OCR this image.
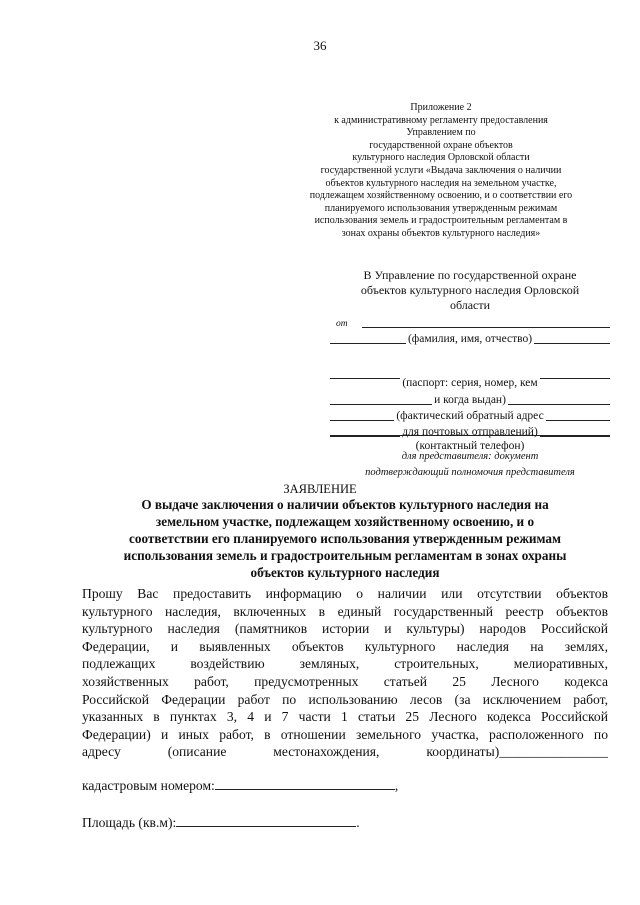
36
Приложение 2
к административному регламенту предоставления
Управлением по
государственной охране объектов
культурного наследия Орловской области
государственной услуги «Выдача заключения о наличии
объектов культурного наследия на земельном участке,
подлежащем хозяйственному освоению, и о соответствии его
планируемого использования утвержденным режимам
использования земель и градостроительным регламентам в
зонах охраны объектов культурного наследия»
В Управление по государственной охране
объектов культурного наследия Орловской
области
от
(фамилия, имя, отчество)
(паспорт: серия, номер, кем
и когда выдан)
(фактический обратный адрес
для почтовых отправлений)
(контактный телефон)
для представителя: документ
подтверждающий полномочия представителя
ЗАЯВЛЕНИЕ
О выдаче заключения о наличии объектов культурного наследия на
земельном участке, подлежащем хозяйственному освоению, и о
соответствии его планируемого использования утвержденным режимам
использования земель и градостроительным регламентам в зонах охраны
объектов культурного наследия
Прошу Вас предоставить информацию о наличии или отсутствии объектов
культурного наследия, включенных в единый государственный реестр объектов
культурного наследия (памятников истории и культуры) народов Российской
Федерации, и выявленных объектов культурного наследия на землях,
подлежащих воздействию земляных, строительных, мелиоративных,
хозяйственных работ, предусмотренных статьей 25 Лесного кодекса
Российской Федерации работ по использованию лесов (за исключением работ,
указанных в пунктах 3, 4 и 7 части 1 статьи 25 Лесного кодекса Российской
Федерации) и иных работ, в отношении земельного участка, расположенного по
адресу (описание местонахождения, координаты)________________
кадастровым номером:	,
Площадь (кв.м):	.
